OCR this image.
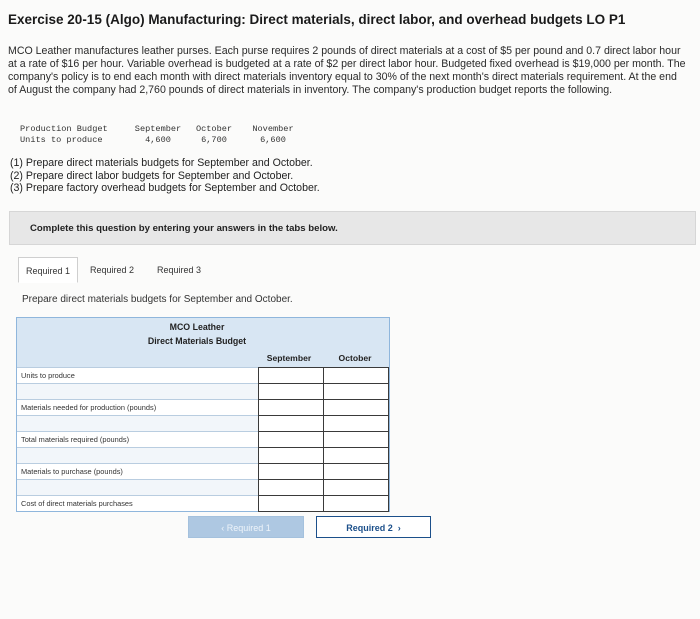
Exercise 20-15 (Algo) Manufacturing: Direct materials, direct labor, and overhead budgets LO P1
MCO Leather manufactures leather purses. Each purse requires 2 pounds of direct materials at a cost of $5 per pound and 0.7 direct labor hour at a rate of $16 per hour. Variable overhead is budgeted at a rate of $2 per direct labor hour. Budgeted fixed overhead is $19,000 per month. The company's policy is to end each month with direct materials inventory equal to 30% of the next month's direct materials requirement. At the end of August the company had 2,760 pounds of direct materials in inventory. The company's production budget reports the following.
Production Budget	September	October	November
Units to produce	4,600	6,700	6,600
(1) Prepare direct materials budgets for September and October.
(2) Prepare direct labor budgets for September and October.
(3) Prepare factory overhead budgets for September and October.
Complete this question by entering your answers in the tabs below.
Required 1	Required 2	Required 3
Prepare direct materials budgets for September and October.
MCO Leather
Direct Materials Budget
September	October
Units to produce
Materials needed for production (pounds)
Total materials required (pounds)
Materials to purchase (pounds)
Cost of direct materials purchases
‹ Required 1	Required 2  ›
